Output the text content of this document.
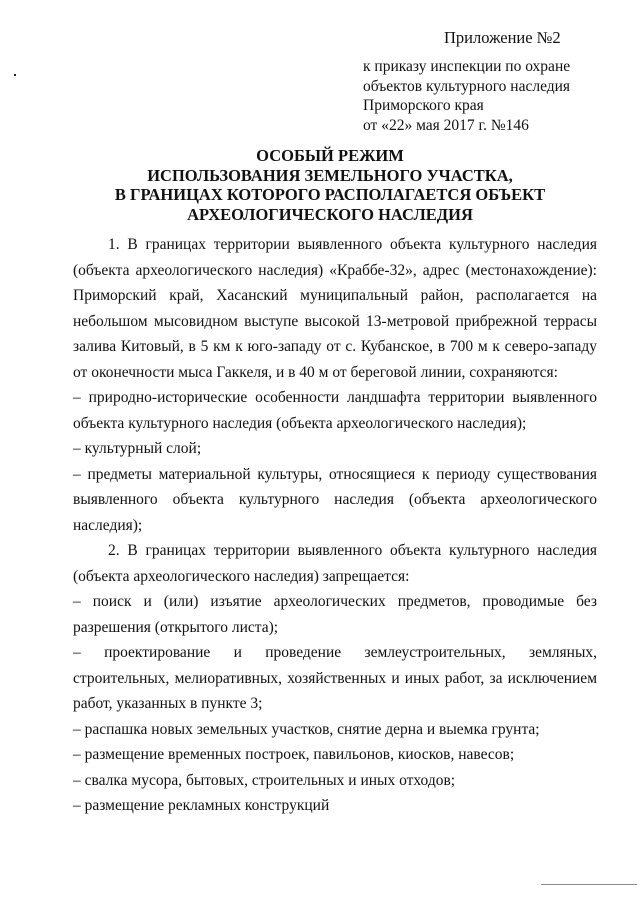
Приложение №2
к приказу инспекции по охране
объектов культурного наследия
Приморского края
от «22» мая 2017 г. №146
ОСОБЫЙ РЕЖИМ
ИСПОЛЬЗОВАНИЯ ЗЕМЕЛЬНОГО УЧАСТКА,
В ГРАНИЦАХ КОТОРОГО РАСПОЛАГАЕТСЯ ОБЪЕКТ
АРХЕОЛОГИЧЕСКОГО НАСЛЕДИЯ

1. В границах территории выявленного объекта культурного наследия (объекта археологического наследия) «Краббе-32», адрес (местонахождение): Приморский край, Хасанский муниципальный район, располагается на небольшом мысовидном выступе высокой 13-метровой прибрежной террасы залива Китовый, в 5 км к юго-западу от с. Кубанское, в 700 м к северо-западу от оконечности мыса Гаккеля, и в 40 м от береговой линии, сохраняются:

– природно-исторические особенности ландшафта территории выявленного объекта культурного наследия (объекта археологического наследия);

– культурный слой;

– предметы материальной культуры, относящиеся к периоду существования выявленного объекта культурного наследия (объекта археологического наследия);

2. В границах территории выявленного объекта культурного наследия (объекта археологического наследия) запрещается:

– поиск и (или) изъятие археологических предметов, проводимые без разрешения (открытого листа);

– проектирование и проведение землеустроительных, земляных, строительных, мелиоративных, хозяйственных и иных работ, за исключением работ, указанных в пункте 3;

– распашка новых земельных участков, снятие дерна и выемка грунта;

– размещение временных построек, павильонов, киосков, навесов;

– свалка мусора, бытовых, строительных и иных отходов;

– размещение рекламных конструкций
